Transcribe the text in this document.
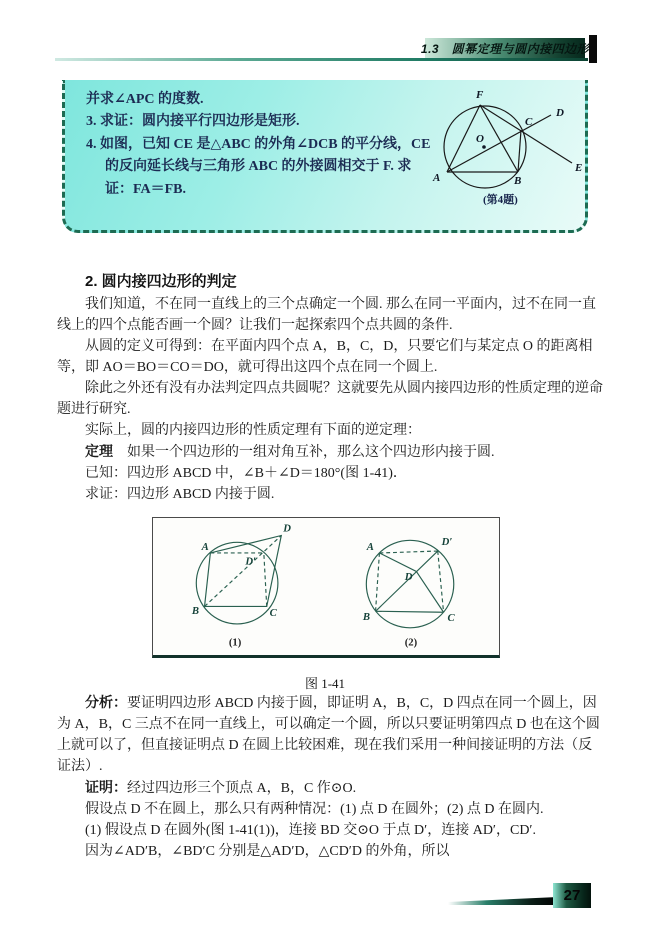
1.3　圆幂定理与圆内接四边形
并求∠APC 的度数.
3. 求证：圆内接平行四边形是矩形.
4. 如图，已知 CE 是△ABC 的外角∠DCB 的平分线，CE
的反向延长线与三角形 ABC 的外接圆相交于 F. 求
证：FA＝FB.
F
C
D
E
A	B
O
(第4题)
2. 圆内接四边形的判定
我们知道，不在同一直线上的三个点确定一个圆. 那么在同一平面内，过不在同一直
线上的四个点能否画一个圆？让我们一起探索四个点共圆的条件.
从圆的定义可得到：在平面内四个点 A，B，C，D，只要它们与某定点 O 的距离相
等，即 AO＝BO＝CO＝DO，就可得出这四个点在同一个圆上.
除此之外还有没有办法判定四点共圆呢？这就要先从圆内接四边形的性质定理的逆命
题进行研究.
实际上，圆的内接四边形的性质定理有下面的逆定理：
定理　如果一个四边形的一组对角互补，那么这个四边形内接于圆.
已知：四边形 ABCD 中，∠B＋∠D＝180°(图 1-41)．
求证：四边形 ABCD 内接于圆.
A
B	C
D
D′
(1)
A
B	C
D
D′
(2)
图 1-41
分析：要证明四边形 ABCD 内接于圆，即证明 A，B，C，D 四点在同一个圆上，因
为 A，B，C 三点不在同一直线上，可以确定一个圆，所以只要证明第四点 D 也在这个圆
上就可以了，但直接证明点 D 在圆上比较困难，现在我们采用一种间接证明的方法（反
证法）.
证明：经过四边形三个顶点 A，B，C 作⊙O.
假设点 D 不在圆上，那么只有两种情况：(1) 点 D 在圆外；(2) 点 D 在圆内.
(1) 假设点 D 在圆外(图 1-41(1))，连接 BD 交⊙O 于点 D′，连接 AD′，CD′.
因为∠AD′B，∠BD′C 分别是△AD′D，△CD′D 的外角，所以
27
